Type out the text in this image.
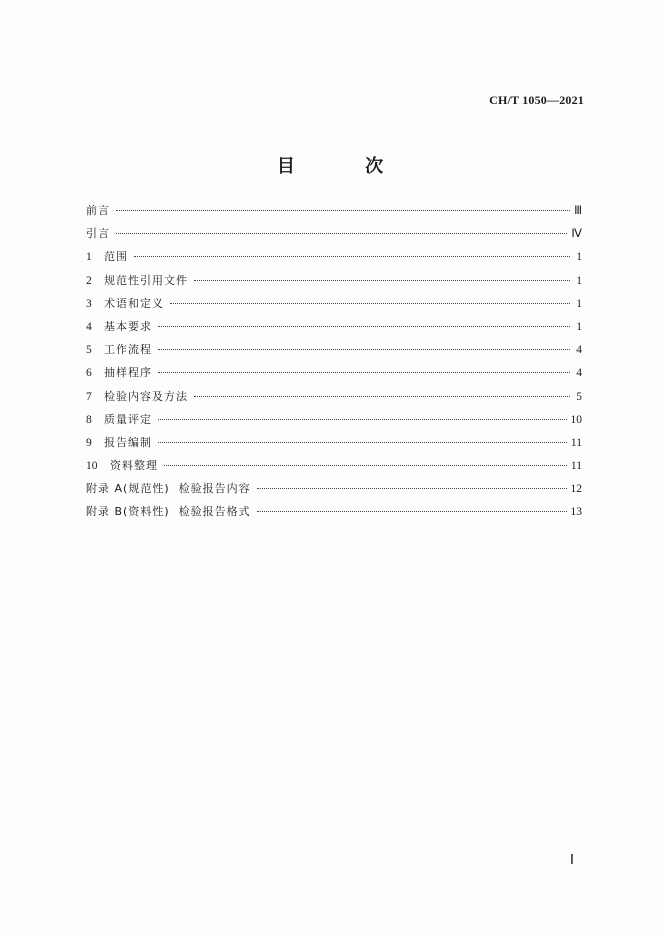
CH/T 1050—2021
目 次
前言	Ⅲ
引言	Ⅳ
1	范围	1
2	规范性引用文件	1
3	术语和定义	1
4	基本要求	1
5	工作流程	4
6	抽样程序	4
7	检验内容及方法	5
8	质量评定	10
9	报告编制	11
10	资料整理	11
附录 A(规范性)  检验报告内容	12
附录 B(资料性)  检验报告格式	13
Ⅰ
